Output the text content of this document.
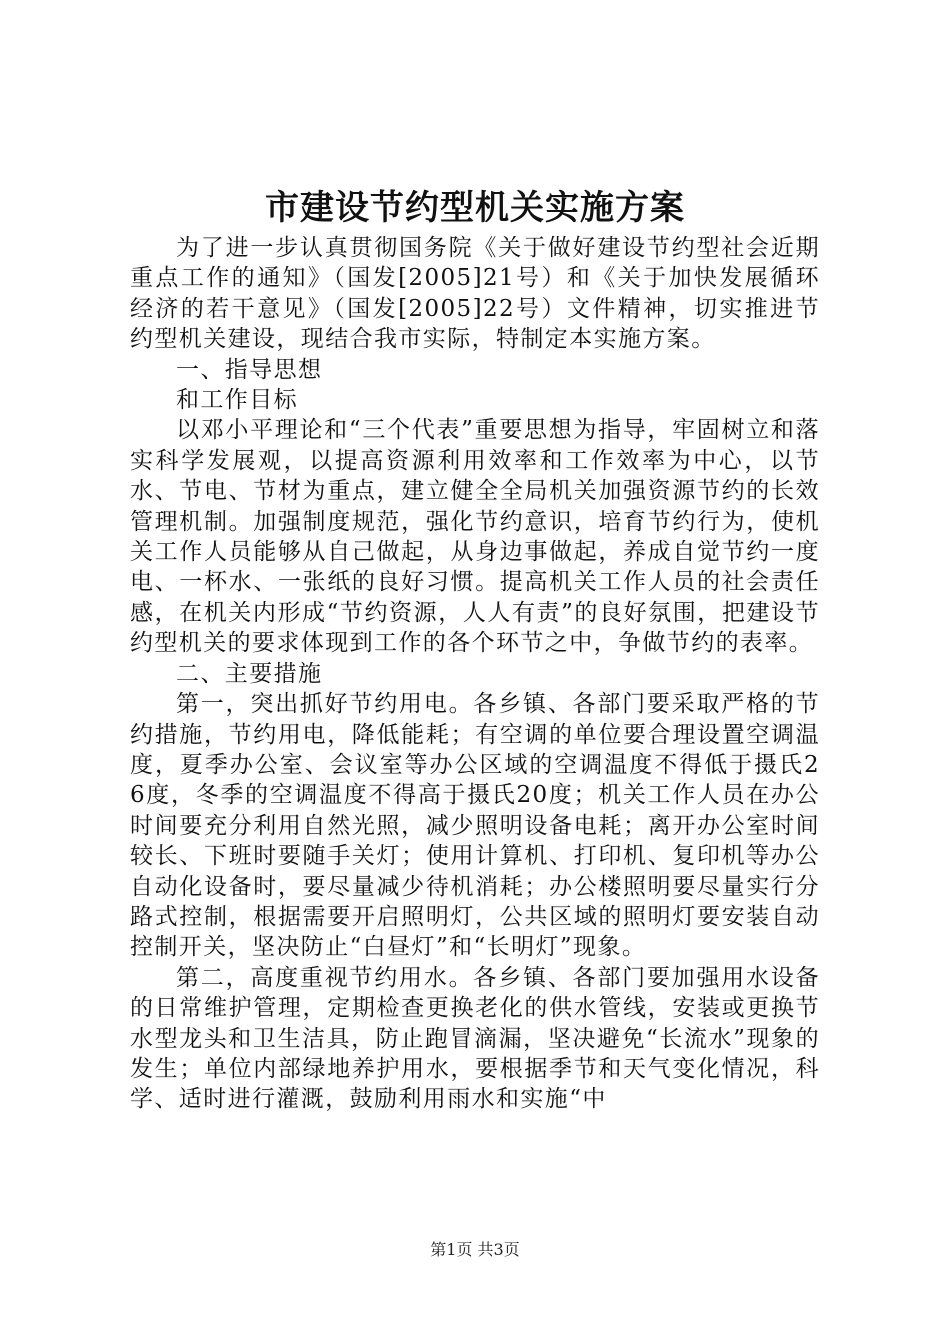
市建设节约型机关实施方案

为了进一步认真贯彻国务院《关于做好建设节约型社会近期重点工作的通知》（国发[2005]21号）和《关于加快发展循环经济的若干意见》（国发[2005]22号）文件精神，切实推进节约型机关建设，现结合我市实际，特制定本实施方案。

一、指导思想

和工作目标

以邓小平理论和“三个代表”重要思想为指导，牢固树立和落实科学发展观，以提高资源利用效率和工作效率为中心，以节水、节电、节材为重点，建立健全全局机关加强资源节约的长效管理机制。加强制度规范，强化节约意识，培育节约行为，使机关工作人员能够从自己做起，从身边事做起，养成自觉节约一度电、一杯水、一张纸的良好习惯。提高机关工作人员的社会责任感，在机关内形成“节约资源，人人有责”的良好氛围，把建设节约型机关的要求体现到工作的各个环节之中，争做节约的表率。

二、主要措施

第一，突出抓好节约用电。各乡镇、各部门要采取严格的节约措施，节约用电，降低能耗；有空调的单位要合理设置空调温度，夏季办公室、会议室等办公区域的空调温度不得低于摄氏26度，冬季的空调温度不得高于摄氏20度；机关工作人员在办公时间要充分利用自然光照，减少照明设备电耗；离开办公室时间较长、下班时要随手关灯；使用计算机、打印机、复印机等办公自动化设备时，要尽量减少待机消耗；办公楼照明要尽量实行分路式控制，根据需要开启照明灯，公共区域的照明灯要安装自动控制开关，坚决防止“白昼灯”和“长明灯”现象。

第二，高度重视节约用水。各乡镇、各部门要加强用水设备的日常维护管理，定期检查更换老化的供水管线，安装或更换节水型龙头和卫生洁具，防止跑冒滴漏，坚决避免“长流水”现象的发生；单位内部绿地养护用水，要根据季节和天气变化情况，科学、适时进行灌溉，鼓励利用雨水和实施“中

第1页 共3页
